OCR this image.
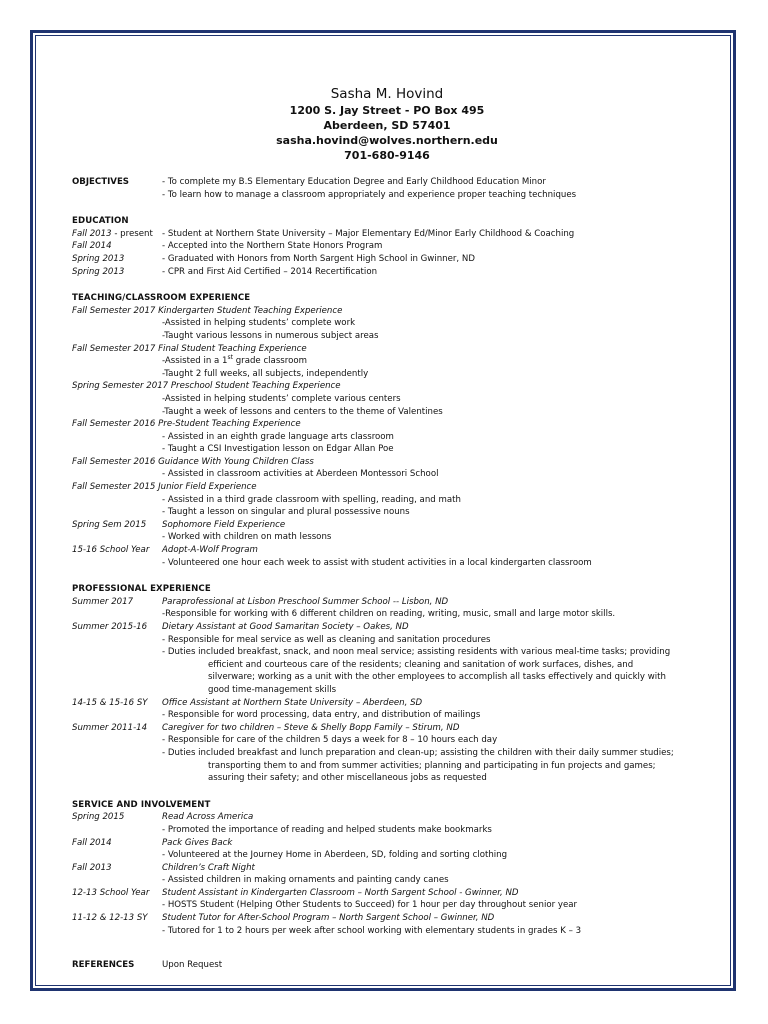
Sasha M. Hovind
1200 S. Jay Street - PO Box 495
Aberdeen, SD 57401
sasha.hovind@wolves.northern.edu
701-680-9146
OBJECTIVES	- To complete my B.S Elementary Education Degree and Early Childhood Education Minor
- To learn how to manage a classroom appropriately and experience proper teaching techniques
EDUCATION
Fall 2013 - present	- Student at Northern State University – Major Elementary Ed/Minor Early Childhood & Coaching
Fall 2014	- Accepted into the Northern State Honors Program
Spring 2013	- Graduated with Honors from North Sargent High School in Gwinner, ND
Spring 2013	- CPR and First Aid Certified – 2014 Recertification
TEACHING/CLASSROOM EXPERIENCE
Fall Semester 2017 Kindergarten Student Teaching Experience
-Assisted in helping students’ complete work
-Taught various lessons in numerous subject areas
Fall Semester 2017 Final Student Teaching Experience
-Assisted in a 1st grade classroom
-Taught 2 full weeks, all subjects, independently
Spring Semester 2017 Preschool Student Teaching Experience
-Assisted in helping students’ complete various centers
-Taught a week of lessons and centers to the theme of Valentines
Fall Semester 2016 Pre-Student Teaching Experience
- Assisted in an eighth grade language arts classroom
- Taught a CSI Investigation lesson on Edgar Allan Poe
Fall Semester 2016 Guidance With Young Children Class
- Assisted in classroom activities at Aberdeen Montessori School
Fall Semester 2015 Junior Field Experience
- Assisted in a third grade classroom with spelling, reading, and math
- Taught a lesson on singular and plural possessive nouns
Spring Sem 2015	Sophomore Field Experience
- Worked with children on math lessons
15-16 School Year	Adopt-A-Wolf Program
- Volunteered one hour each week to assist with student activities in a local kindergarten classroom
PROFESSIONAL EXPERIENCE
Summer 2017	Paraprofessional at Lisbon Preschool Summer School -- Lisbon, ND
-Responsible for working with 6 different children on reading, writing, music, small and large motor skills.
Summer 2015-16	Dietary Assistant at Good Samaritan Society – Oakes, ND
- Responsible for meal service as well as cleaning and sanitation procedures
- Duties included breakfast, snack, and noon meal service; assisting residents with various meal-time tasks; providing
efficient and courteous care of the residents; cleaning and sanitation of work surfaces, dishes, and
silverware; working as a unit with the other employees to accomplish all tasks effectively and quickly with
good time-management skills
14-15 & 15-16 SY	Office Assistant at Northern State University – Aberdeen, SD
- Responsible for word processing, data entry, and distribution of mailings
Summer 2011-14	Caregiver for two children – Steve & Shelly Bopp Family – Stirum, ND
- Responsible for care of the children 5 days a week for 8 – 10 hours each day
- Duties included breakfast and lunch preparation and clean-up; assisting the children with their daily summer studies;
transporting them to and from summer activities; planning and participating in fun projects and games;
assuring their safety; and other miscellaneous jobs as requested
SERVICE AND INVOLVEMENT
Spring 2015	Read Across America
- Promoted the importance of reading and helped students make bookmarks
Fall 2014	Pack Gives Back
- Volunteered at the Journey Home in Aberdeen, SD, folding and sorting clothing
Fall 2013	Children’s Craft Night
- Assisted children in making ornaments and painting candy canes
12-13 School Year	Student Assistant in Kindergarten Classroom – North Sargent School - Gwinner, ND
- HOSTS Student (Helping Other Students to Succeed) for 1 hour per day throughout senior year
11-12 & 12-13 SY	Student Tutor for After-School Program – North Sargent School – Gwinner, ND
- Tutored for 1 to 2 hours per week after school working with elementary students in grades K – 3
REFERENCES	Upon Request
